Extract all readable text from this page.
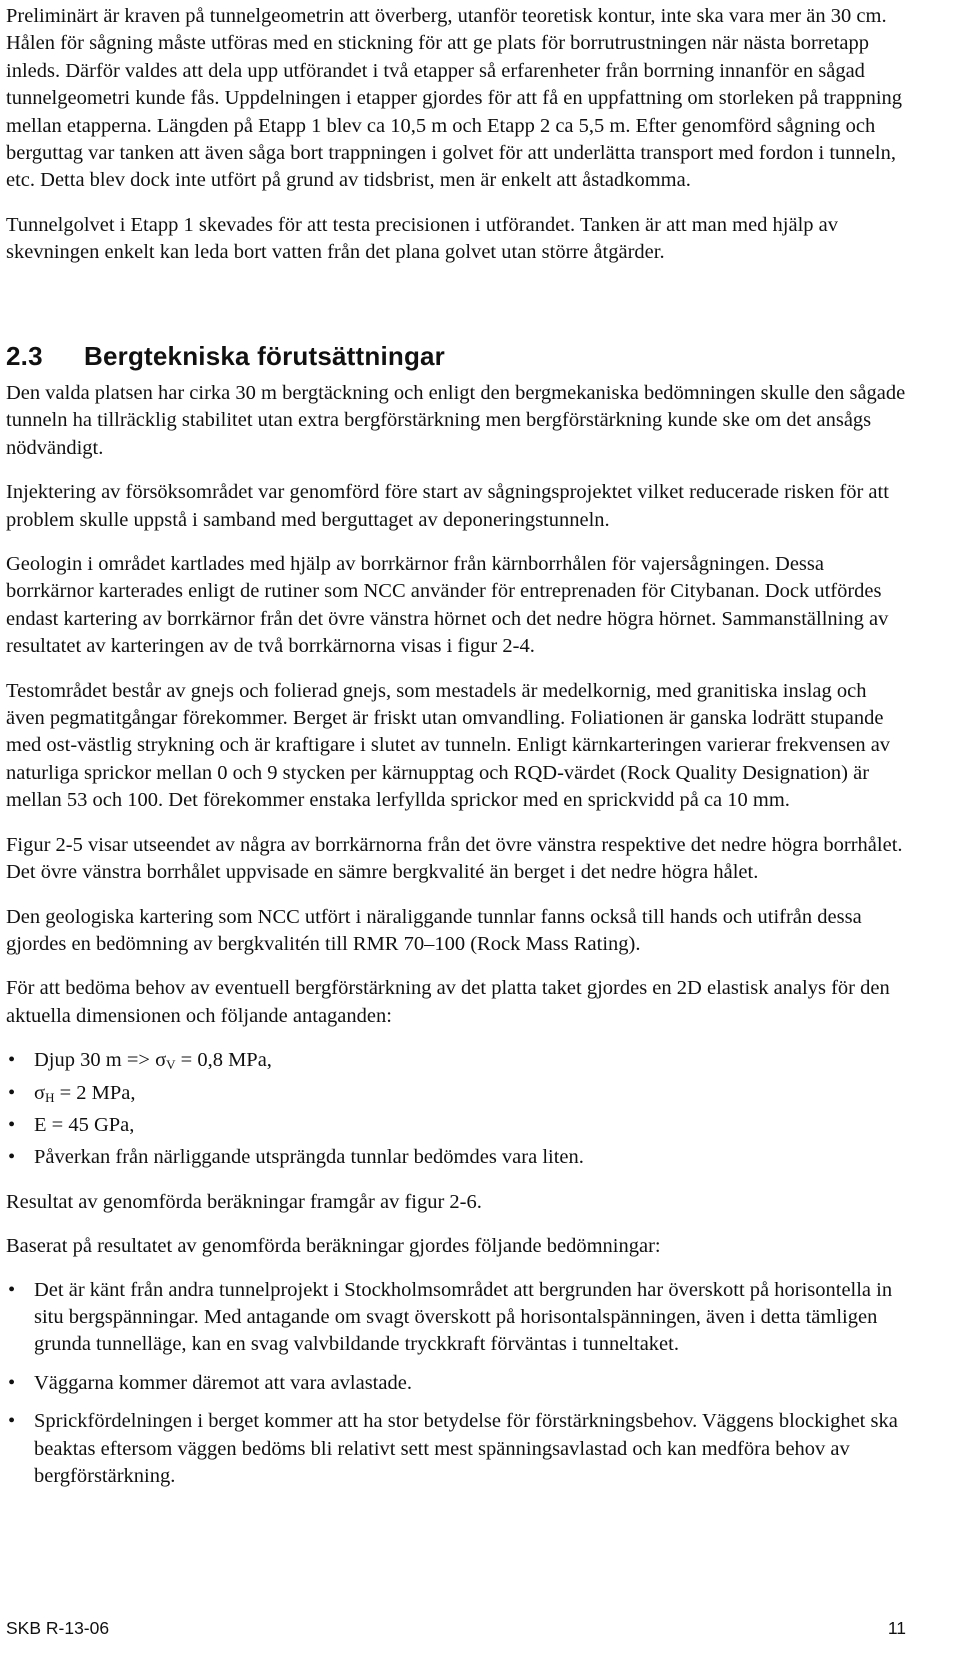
Preliminärt är kraven på tunnelgeometrin att överberg, utanför teoretisk kontur, inte ska vara mer än 30 cm. Hålen för sågning måste utföras med en stickning för att ge plats för borrutrustningen när nästa borretapp inleds. Därför valdes att dela upp utförandet i två etapper så erfarenheter från borrning innanför en sågad tunnelgeometri kunde fås. Uppdelningen i etapper gjordes för att få en uppfattning om storleken på trappning mellan etapperna. Längden på Etapp 1 blev ca 10,5 m och Etapp 2 ca 5,5 m. Efter genomförd sågning och berguttag var tanken att även såga bort trappningen i golvet för att underlätta transport med fordon i tunneln, etc. Detta blev dock inte utfört på grund av tidsbrist, men är enkelt att åstadkomma.

Tunnelgolvet i Etapp 1 skevades för att testa precisionen i utförandet. Tanken är att man med hjälp av skevningen enkelt kan leda bort vatten från det plana golvet utan större åtgärder.

2.3 Bergtekniska förutsättningar

Den valda platsen har cirka 30 m bergtäckning och enligt den bergmekaniska bedömningen skulle den sågade tunneln ha tillräcklig stabilitet utan extra bergförstärkning men bergförstärkning kunde ske om det ansågs nödvändigt.

Injektering av försöksområdet var genomförd före start av sågningsprojektet vilket reducerade risken för att problem skulle uppstå i samband med berguttaget av deponeringstunneln.

Geologin i området kartlades med hjälp av borrkärnor från kärnborrhålen för vajersågningen. Dessa borrkärnor karterades enligt de rutiner som NCC använder för entreprenaden för Citybanan. Dock utfördes endast kartering av borrkärnor från det övre vänstra hörnet och det nedre högra hörnet. Sammanställning av resultatet av karteringen av de två borrkärnorna visas i figur 2-4.

Testområdet består av gnejs och folierad gnejs, som mestadels är medelkornig, med granitiska inslag och även pegmatitgångar förekommer. Berget är friskt utan omvandling. Foliationen är ganska lodrätt stupande med ost-västlig strykning och är kraftigare i slutet av tunneln. Enligt kärnkarteringen varierar frekvensen av naturliga sprickor mellan 0 och 9 stycken per kärnupptag och RQD-värdet (Rock Quality Designation) är mellan 53 och 100. Det förekommer enstaka lerfyllda sprickor med en sprickvidd på ca 10 mm.

Figur 2-5 visar utseendet av några av borrkärnorna från det övre vänstra respektive det nedre högra borrhålet. Det övre vänstra borrhålet uppvisade en sämre bergkvalité än berget i det nedre högra hålet.

Den geologiska kartering som NCC utfört i näraliggande tunnlar fanns också till hands och utifrån dessa gjordes en bedömning av bergkvalitén till RMR 70–100 (Rock Mass Rating).

För att bedöma behov av eventuell bergförstärkning av det platta taket gjordes en 2D elastisk analys för den aktuella dimensionen och följande antaganden:

• Djup 30 $m => \sigma_V = 0,8$ MPa,
• $\sigma_H = 2$ MPa,
• E = 45 GPa,
• Påverkan från närliggande utsprängda tunnlar bedömdes vara liten.

Resultat av genomförda beräkningar framgår av figur 2-6.

Baserat på resultatet av genomförda beräkningar gjordes följande bedömningar:

• Det är känt från andra tunnelprojekt i Stockholmsområdet att bergrunden har överskott på horisontella in situ bergspänningar. Med antagande om svagt överskott på horisontalspänningen, även i detta tämligen grunda tunnelläge, kan en svag valvbildande tryckkraft förväntas i tunneltaket.
• Väggarna kommer däremot att vara avlastade.
• Sprickfördelningen i berget kommer att ha stor betydelse för förstärkningsbehov. Väggens blockighet ska beaktas eftersom väggen bedöms bli relativt sett mest spänningsavlastad och kan medföra behov av bergförstärkning.
SKB R-13-06	11
